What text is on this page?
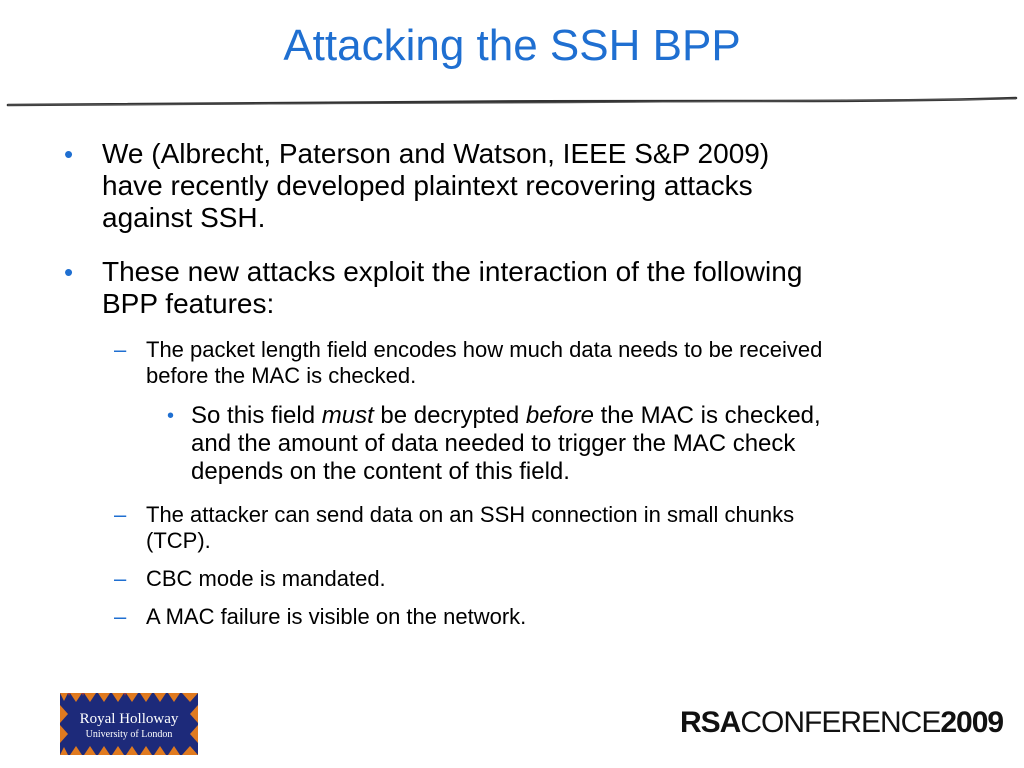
Attacking the SSH BPP
• We (Albrecht, Paterson and Watson, IEEE S&P 2009)
have recently developed plaintext recovering attacks
against SSH.
• These new attacks exploit the interaction of the following
BPP features:
– The packet length field encodes how much data needs to be received
before the MAC is checked.
• So this field must be decrypted before the MAC is checked,
and the amount of data needed to trigger the MAC check
depends on the content of this field.
– The attacker can send data on an SSH connection in small chunks
(TCP).
– CBC mode is mandated.
– A MAC failure is visible on the network.
Royal Holloway
University of London	RSACONFERENCE2009
